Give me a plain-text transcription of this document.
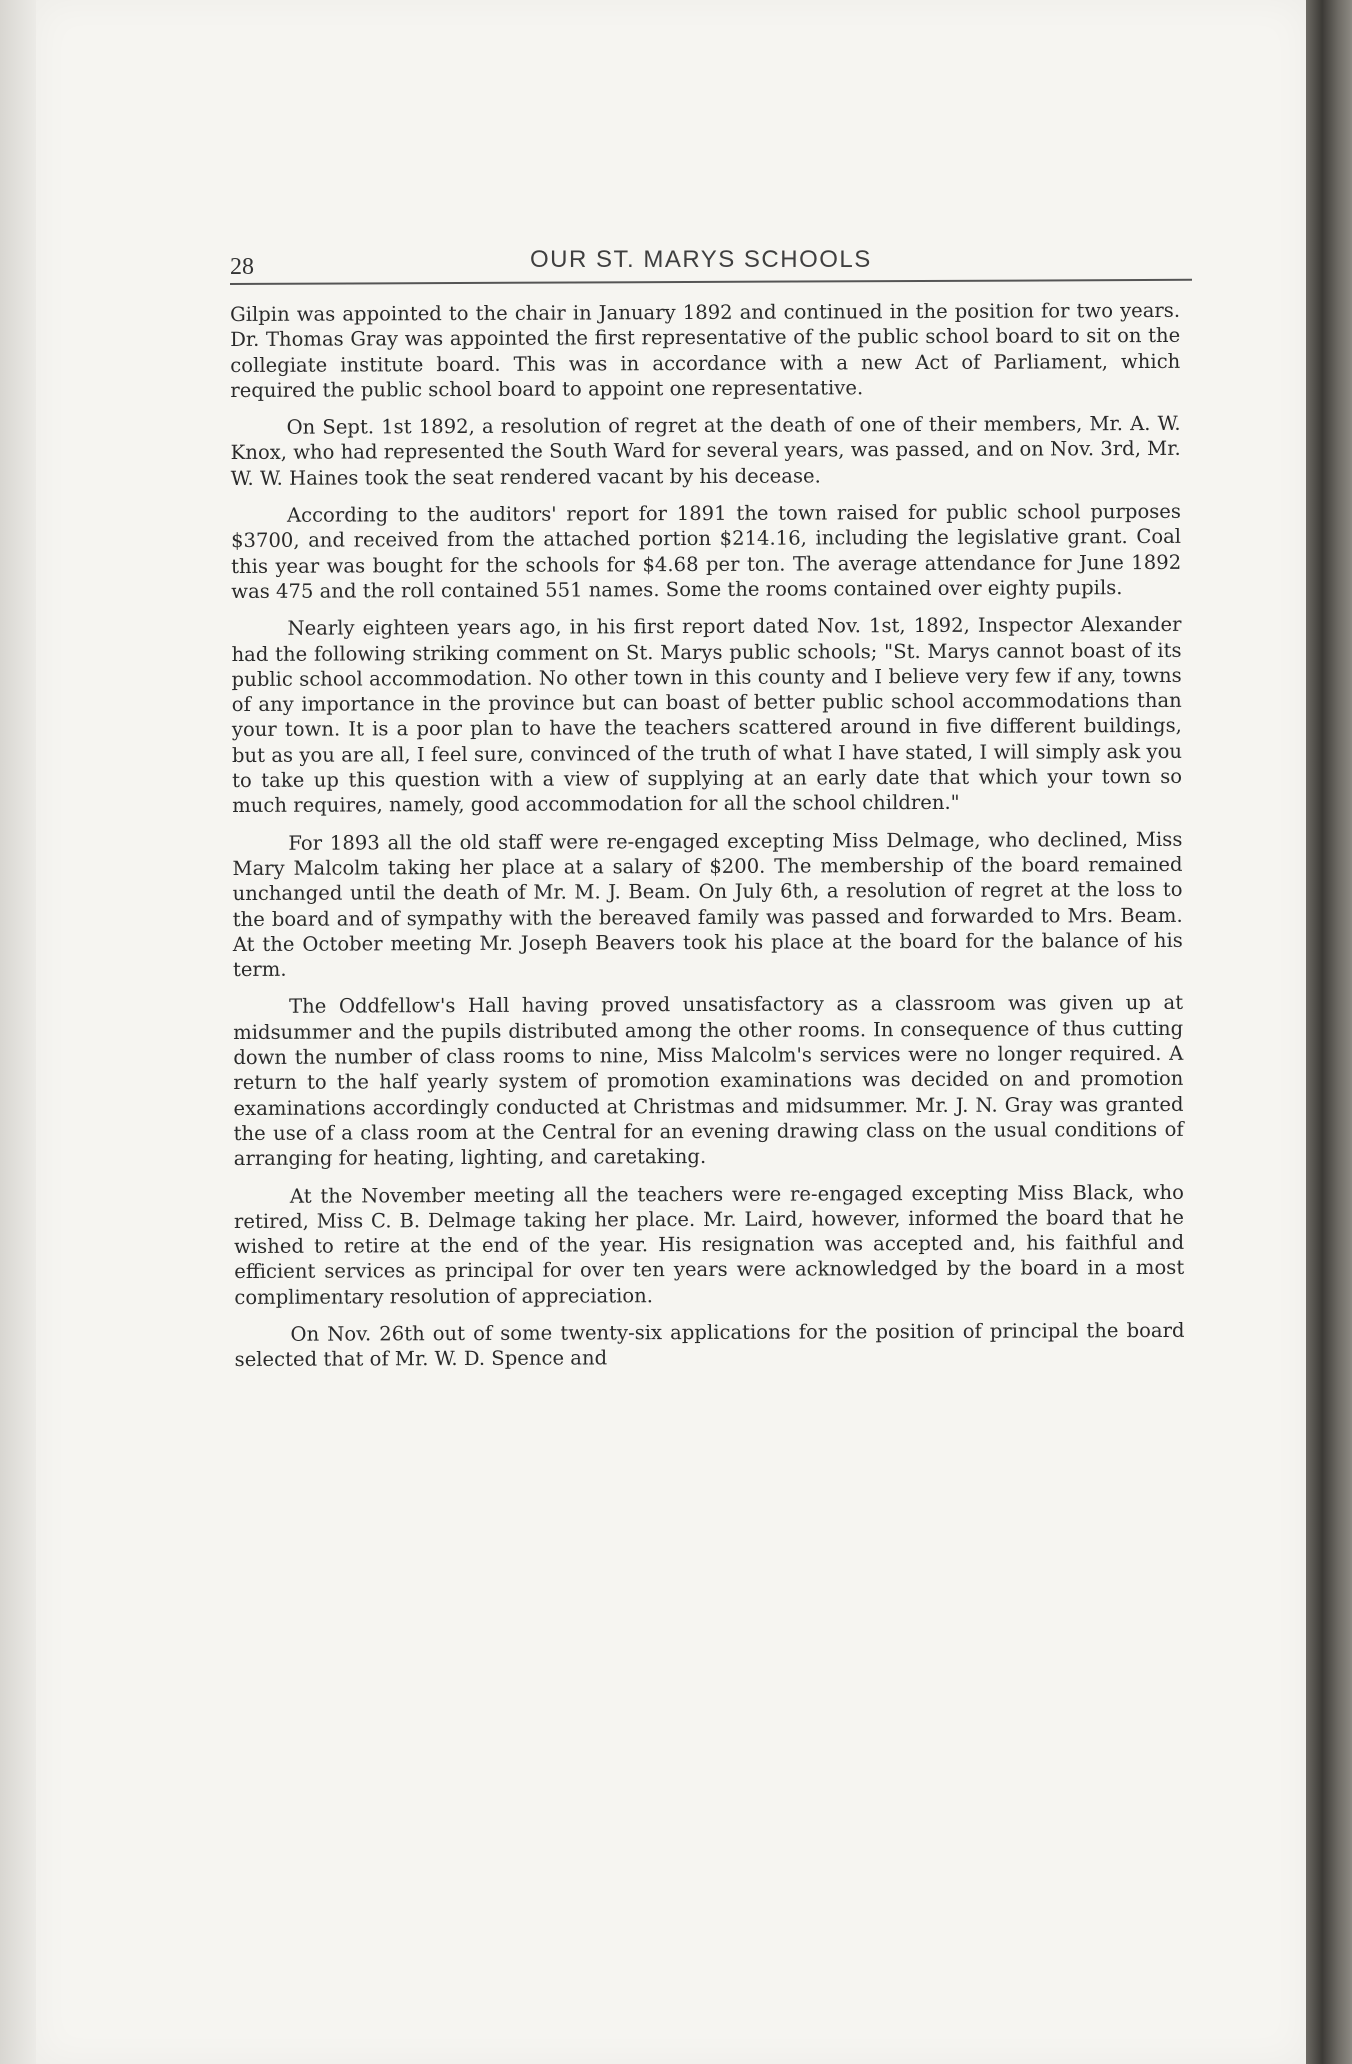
28	OUR ST. MARYS SCHOOLS

Gilpin was appointed to the chair in January 1892 and continued in the position for two years. Dr. Thomas Gray was appointed the first representative of the public school board to sit on the collegiate institute board. This was in accordance with a new Act of Parliament, which required the public school board to appoint one representative.

On Sept. 1st 1892, a resolution of regret at the death of one of their members, Mr. A. W. Knox, who had represented the South Ward for several years, was passed, and on Nov. 3rd, Mr. W. W. Haines took the seat rendered vacant by his decease.

According to the auditors' report for 1891 the town raised for public school purposes $3700, and received from the attached portion $214.16, including the legislative grant. Coal this year was bought for the schools for $4.68 per ton. The average attendance for June 1892 was 475 and the roll contained 551 names. Some the rooms contained over eighty pupils.

Nearly eighteen years ago, in his first report dated Nov. 1st, 1892, Inspector Alexander had the following striking comment on St. Marys public schools; "St. Marys cannot boast of its public school accommodation. No other town in this county and I believe very few if any, towns of any importance in the province but can boast of better public school accommodations than your town. It is a poor plan to have the teachers scattered around in five different buildings, but as you are all, I feel sure, convinced of the truth of what I have stated, I will simply ask you to take up this question with a view of supplying at an early date that which your town so much requires, namely, good accommodation for all the school children."

For 1893 all the old staff were re-engaged excepting Miss Delmage, who declined, Miss Mary Malcolm taking her place at a salary of $200. The membership of the board remained unchanged until the death of Mr. M. J. Beam. On July 6th, a resolution of regret at the loss to the board and of sympathy with the bereaved family was passed and forwarded to Mrs. Beam. At the October meeting Mr. Joseph Beavers took his place at the board for the balance of his term.

The Oddfellow's Hall having proved unsatisfactory as a classroom was given up at midsummer and the pupils distributed among the other rooms. In consequence of thus cutting down the number of class rooms to nine, Miss Malcolm's services were no longer required. A return to the half yearly system of promotion examinations was decided on and promotion examinations accordingly conducted at Christmas and midsummer. Mr. J. N. Gray was granted the use of a class room at the Central for an evening drawing class on the usual conditions of arranging for heating, lighting, and caretaking.

At the November meeting all the teachers were re-engaged excepting Miss Black, who retired, Miss C. B. Delmage taking her place. Mr. Laird, however, informed the board that he wished to retire at the end of the year. His resignation was accepted and, his faithful and efficient services as principal for over ten years were acknowledged by the board in a most complimentary resolution of appreciation.

On Nov. 26th out of some twenty-six applications for the position of principal the board selected that of Mr. W. D. Spence and
